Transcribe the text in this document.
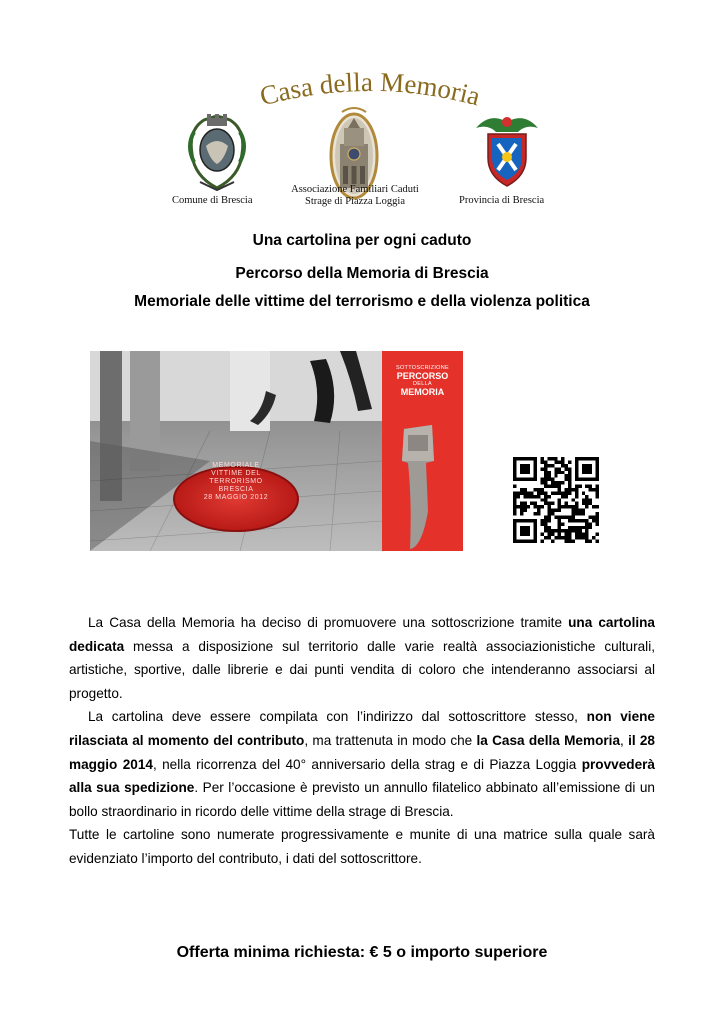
Casa della Memoria
Comune di Brescia
Associazione Familiari Caduti
Strage di Piazza Loggia	Provincia di Brescia
Una cartolina per ogni caduto
Percorso della Memoria di Brescia
Memoriale delle vittime del terrorismo e della violenza politica
MEMORIALE
VITTIME DEL
TERRORISMO
BRESCIA
28 MAGGIO 2012
SOTTOSCRIZIONE
PERCORSO
DELLA
MEMORIA

La Casa della Memoria ha deciso di promuovere una sottoscrizione tramite una cartolina dedicata messa a disposizione sul territorio dalle varie realtà associazionistiche culturali, artistiche, sportive, dalle librerie e dai punti vendita di coloro che intenderanno associarsi al progetto.

La cartolina deve essere compilata con l’indirizzo dal sottoscrittore stesso, non viene rilasciata al momento del contributo, ma trattenuta in modo che la Casa della Memoria, il 28 maggio 2014, nella ricorrenza del 40° anniversario della strag e di Piazza Loggia provvederà alla sua spedizione. Per l’occasione è previsto un annullo filatelico abbinato all’emissione di un bollo straordinario in ricordo delle vittime della strage di Brescia.

Tutte le cartoline sono numerate progressivamente e munite di una matrice sulla quale sarà evidenziato l’importo del contributo, i dati del sottoscrittore.

Offerta minima richiesta: € 5 o importo superiore
